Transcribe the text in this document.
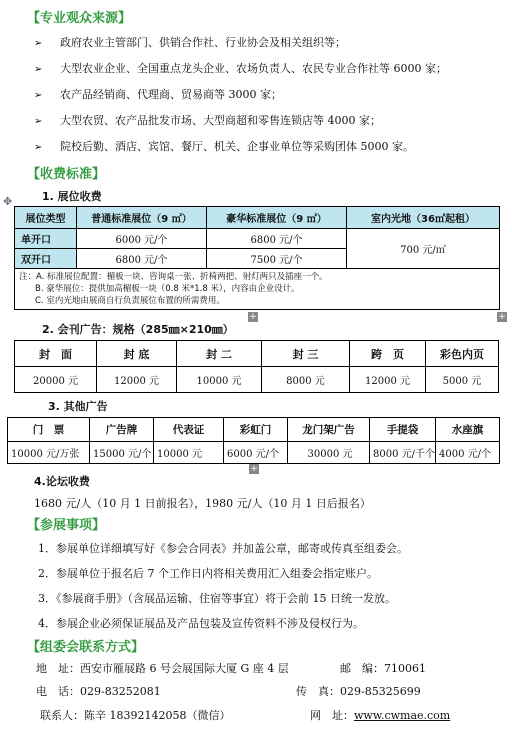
【专业观众来源】
➢ 政府农业主管部门、供销合作社、行业协会及相关组织等；
➢ 大型农业企业、全国重点龙头企业、农场负责人、农民专业合作社等 6000 家；
➢ 农产品经销商、代理商、贸易商等 3000 家；
➢ 大型农贸、农产品批发市场、大型商超和零售连锁店等 4000 家；
➢ 院校后勤、酒店、宾馆、餐厅、机关、企事业单位等采购团体 5000 家。
【收费标准】
✥	1. 展位收费
展位类型	普通标准展位（9 ㎡）	豪华标准展位（9 ㎡）	室内光地（36㎡起租）
单开口	6000 元/个	6800 元/个	700 元/㎡
双开口	6800 元/个	7500 元/个	

注：A. 标准展位配置：楣板一块、咨询桌一张、折椅两把、射灯两只及插座一个。
B. 豪华展位：提供加高楣板一块（0.8 米*1.8 米），内容由企业设计。
C. 室内光地由展商自行负责展位布置的所需费用。			
+	+
2. 会刊广告：规格（285㎜×210㎜）
封　面	封 底	封 二	封 三	跨　页	彩色内页
20000 元	12000 元	10000 元	8000 元	12000 元	5000 元
3. 其他广告
门　票	广告牌	代表证	彩虹门	龙门架广告	手提袋	水座旗
10000 元/万张	15000 元/个	10000 元	6000 元/个	30000 元	8000 元/千个	4000 元/个
+
4.论坛收费
1680 元/人（10 月 1 日前报名），1980 元/人（10 月 1 日后报名）
【参展事项】
1．参展单位详细填写好《参会合同表》并加盖公章，邮寄或传真至组委会。
2．参展单位于报名后 7 个工作日内将相关费用汇入组委会指定账户。
3．《参展商手册》（含展品运输、住宿等事宜）将于会前 15 日统一发放。
4．参展企业必须保证展品及产品包装及宣传资料不涉及侵权行为。
【组委会联系方式】
地　址：西安市雁展路 6 号会展国际大厦 G 座 4 层	邮　编：710061
电　话：029-83252081	传　真：029-85325699
联系人：陈辛 18392142058（微信）	网　址：www.cwmae.com
